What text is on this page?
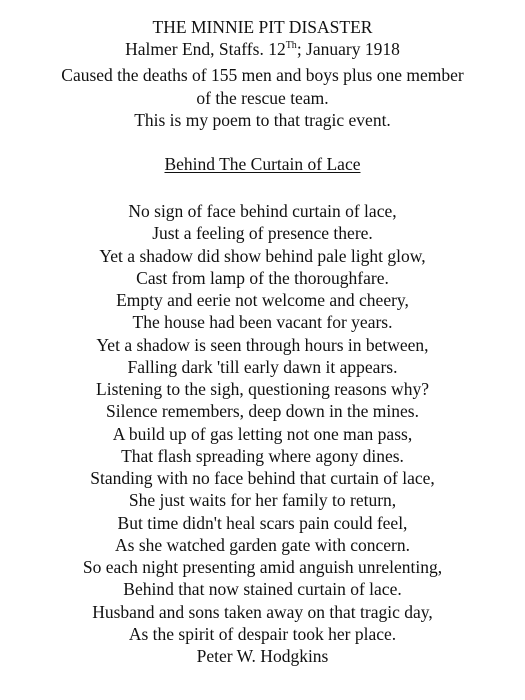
THE MINNIE PIT DISASTER
Halmer End, Staffs. 12Th; January 1918
Caused the deaths of 155 men and boys plus one member
of the rescue team.
This is my poem to that tragic event.
Behind The Curtain of Lace
No sign of face behind curtain of lace,
Just a feeling of presence there.
Yet a shadow did show behind pale light glow,
Cast from lamp of the thoroughfare.
Empty and eerie not welcome and cheery,
The house had been vacant for years.
Yet a shadow is seen through hours in between,
Falling dark 'till early dawn it appears.
Listening to the sigh, questioning reasons why?
Silence remembers, deep down in the mines.
A build up of gas letting not one man pass,
That flash spreading where agony dines.
Standing with no face behind that curtain of lace,
She just waits for her family to return,
But time didn't heal scars pain could feel,
As she watched garden gate with concern.
So each night presenting amid anguish unrelenting,
Behind that now stained curtain of lace.
Husband and sons taken away on that tragic day,
As the spirit of despair took her place.
Peter W. Hodgkins
